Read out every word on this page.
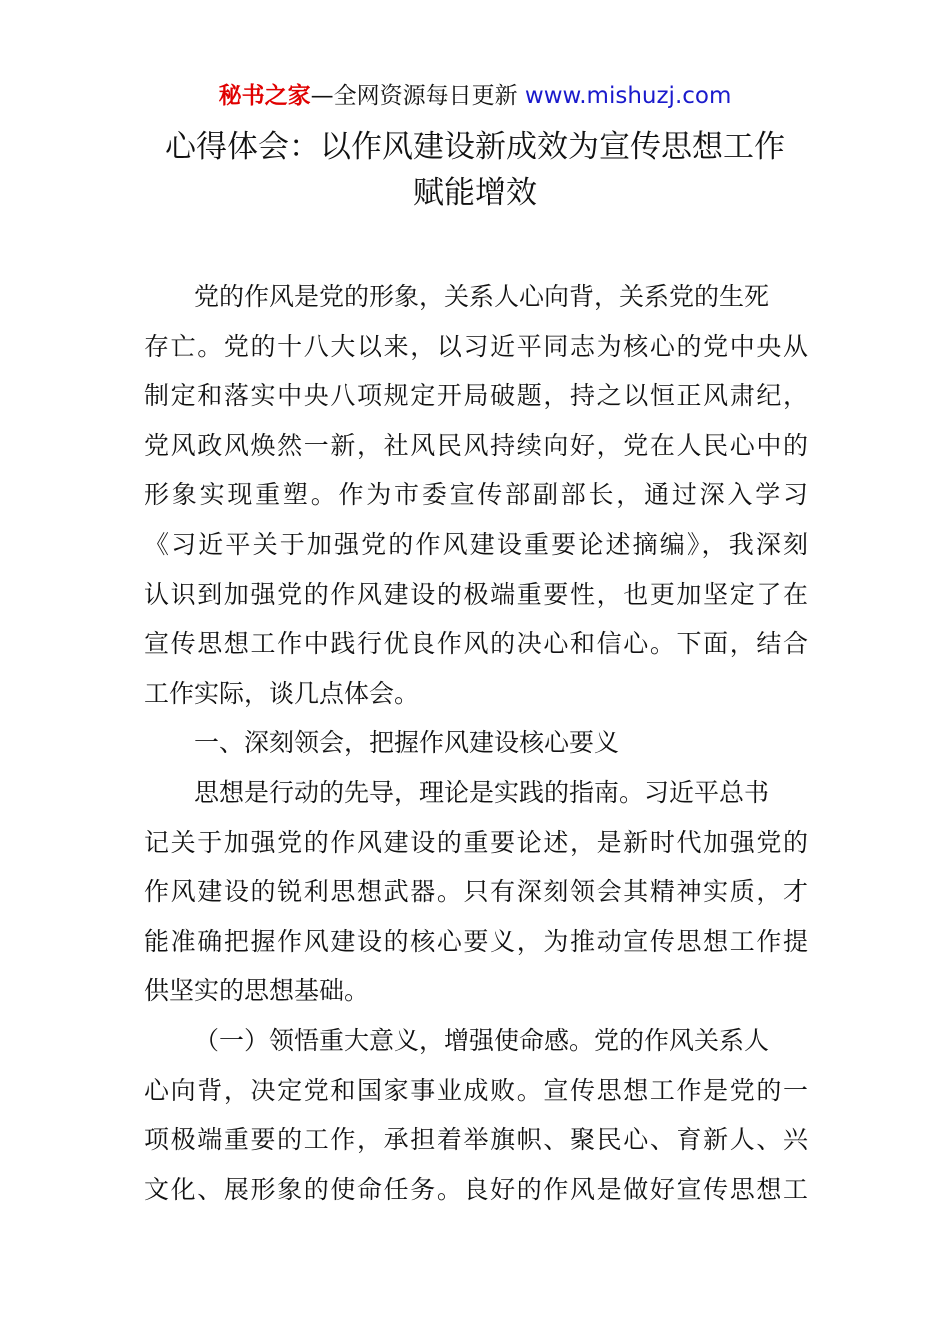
秘书之家—全网资源每日更新 www.mishuzj.com
心得体会：以作风建设新成效为宣传思想工作
赋能增效
党的作风是党的形象，关系人心向背，关系党的生死
存亡。党的十八大以来，以习近平同志为核心的党中央从
制定和落实中央八项规定开局破题，持之以恒正风肃纪，
党风政风焕然一新，社风民风持续向好，党在人民心中的
形象实现重塑。作为市委宣传部副部长，通过深入学习
《习近平关于加强党的作风建设重要论述摘编》，我深刻
认识到加强党的作风建设的极端重要性，也更加坚定了在
宣传思想工作中践行优良作风的决心和信心。下面，结合
工作实际，谈几点体会。
一、深刻领会，把握作风建设核心要义
思想是行动的先导，理论是实践的指南。习近平总书
记关于加强党的作风建设的重要论述，是新时代加强党的
作风建设的锐利思想武器。只有深刻领会其精神实质，才
能准确把握作风建设的核心要义，为推动宣传思想工作提
供坚实的思想基础。
（一）领悟重大意义，增强使命感。党的作风关系人
心向背，决定党和国家事业成败。宣传思想工作是党的一
项极端重要的工作，承担着举旗帜、聚民心、育新人、兴
文化、展形象的使命任务。良好的作风是做好宣传思想工
